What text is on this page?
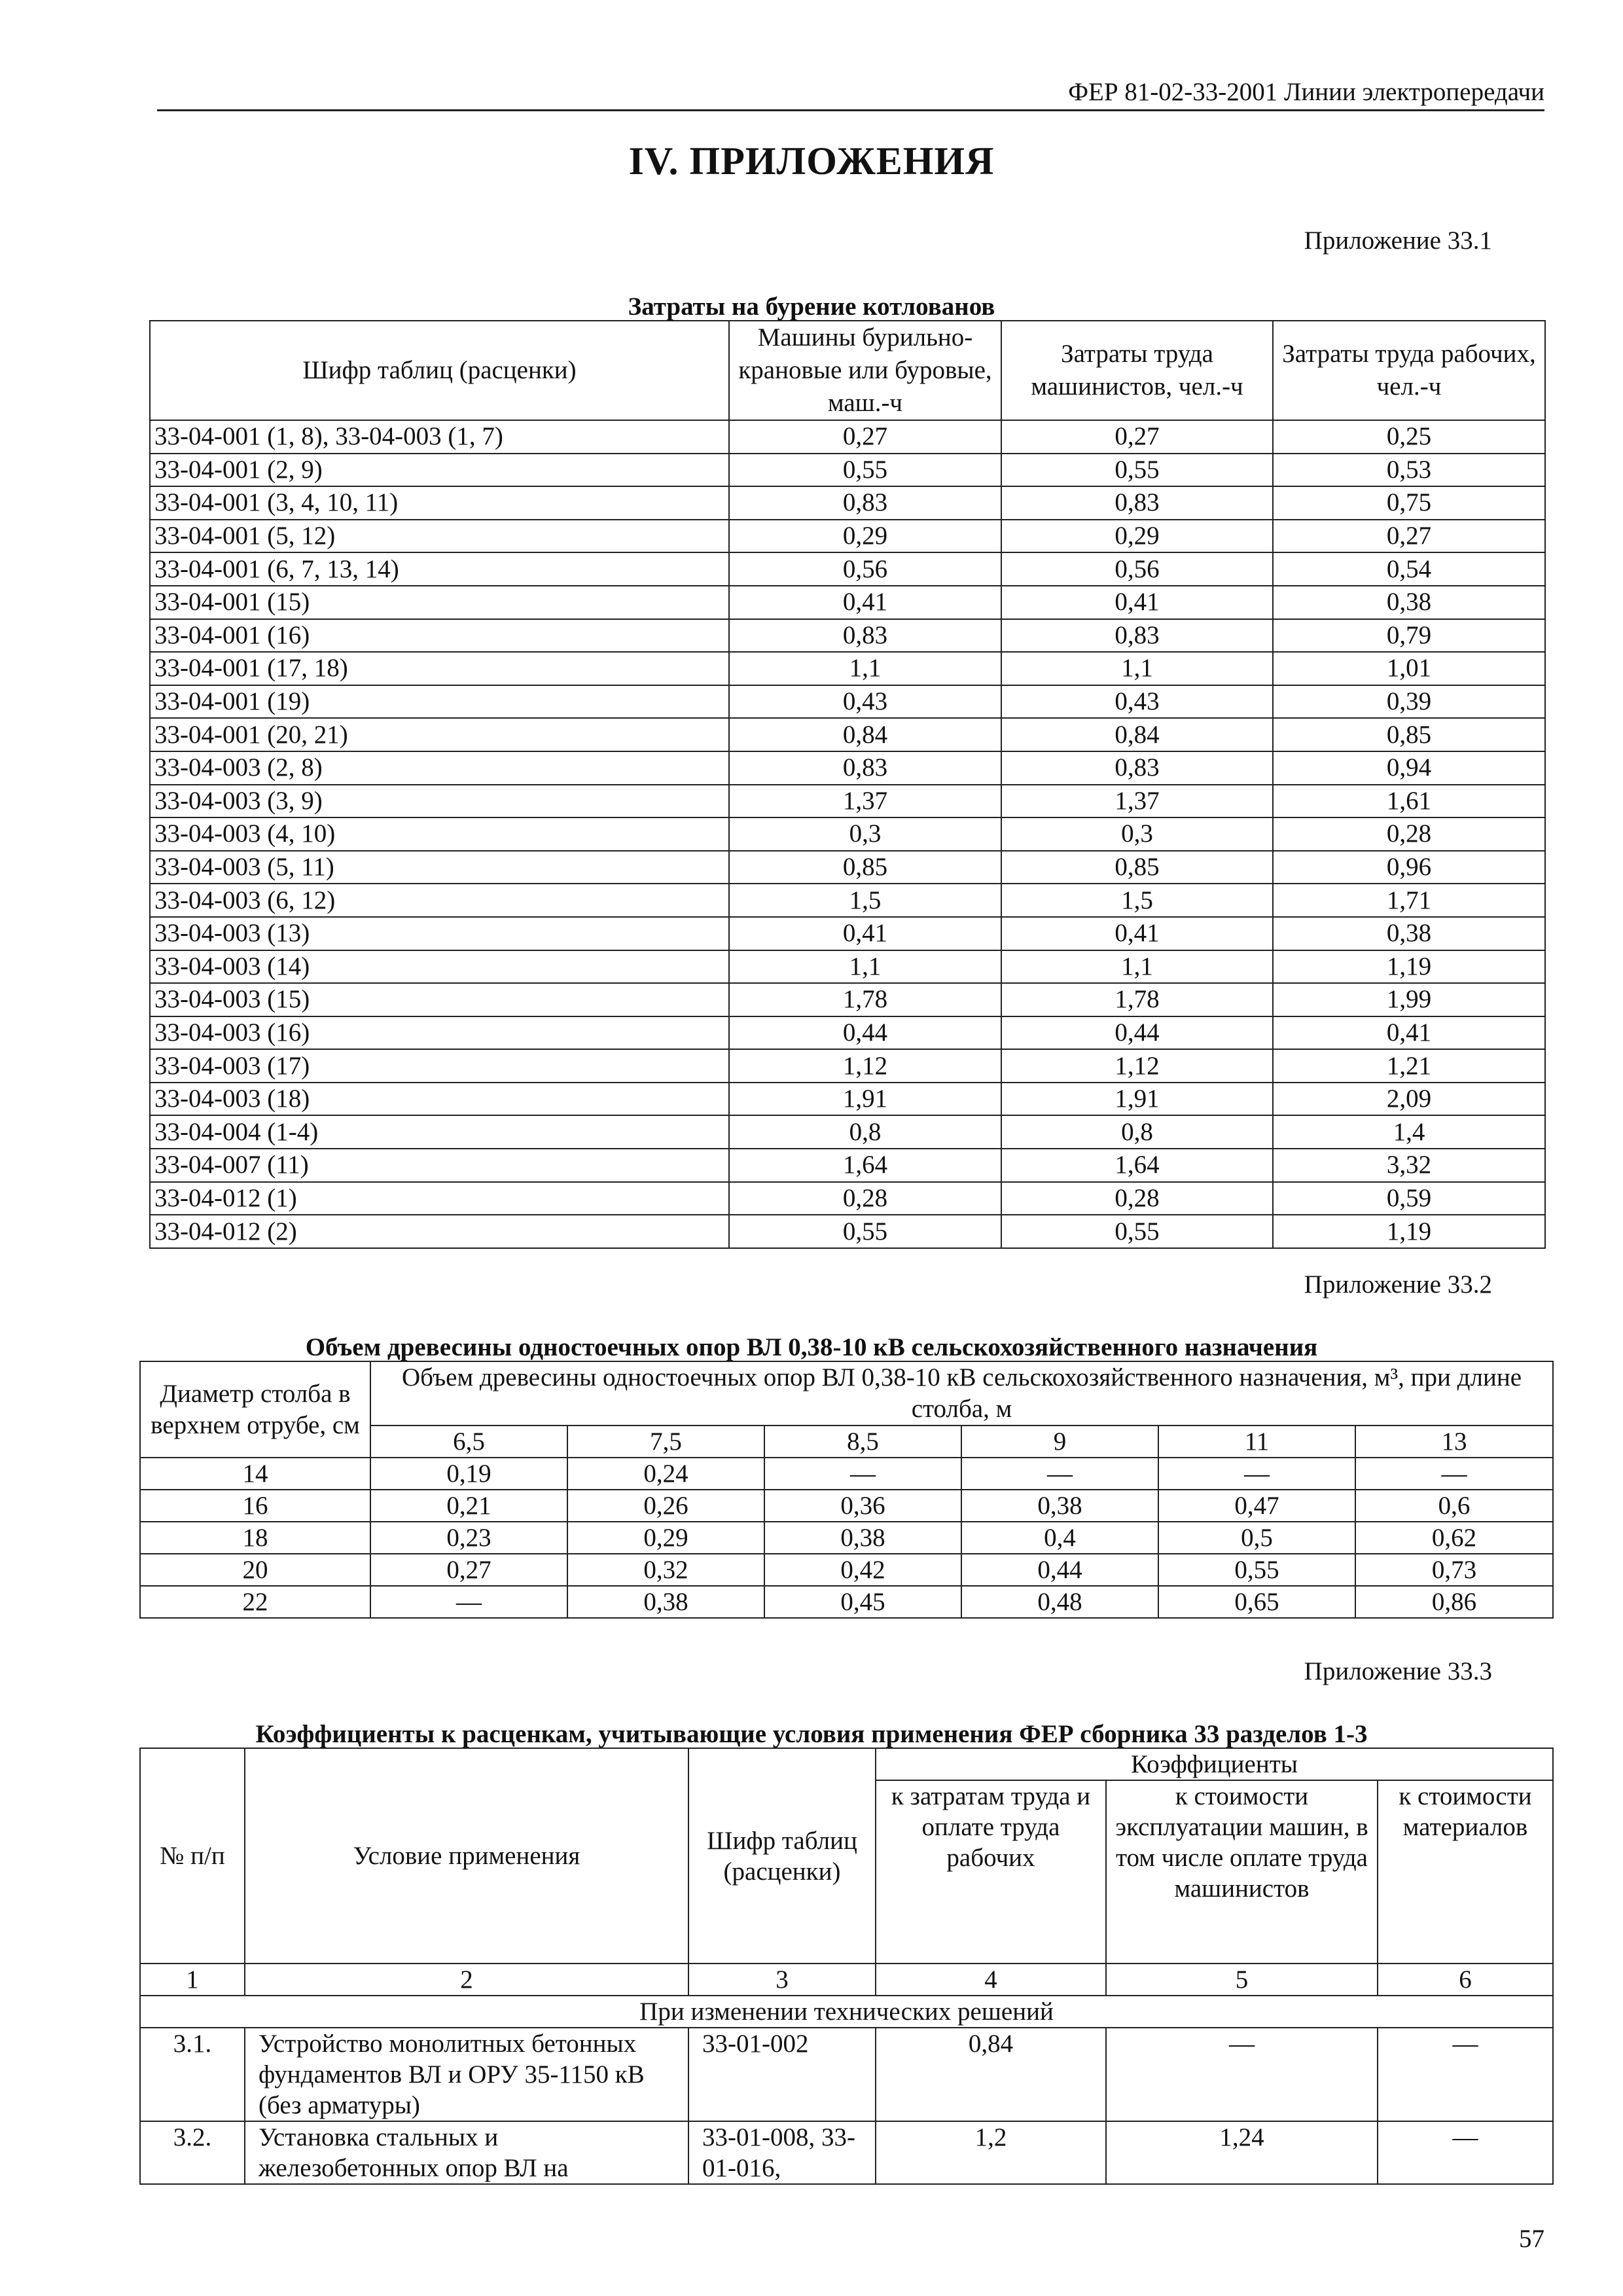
ФЕР 81-02-33-2001 Линии электропередачи
IV. ПРИЛОЖЕНИЯ
Приложение 33.1
Затраты на бурение котлованов
Шифр таблиц (расценки)	Машины бурильно-крановые или буровые, маш.-ч	Затраты труда машинистов, чел.-ч	Затраты труда рабочих, чел.-ч
33-04-001 (1, 8), 33-04-003 (1, 7)	0,27	0,27	0,25
33-04-001 (2, 9)	0,55	0,55	0,53
33-04-001 (3, 4, 10, 11)	0,83	0,83	0,75
33-04-001 (5, 12)	0,29	0,29	0,27
33-04-001 (6, 7, 13, 14)	0,56	0,56	0,54
33-04-001 (15)	0,41	0,41	0,38
33-04-001 (16)	0,83	0,83	0,79
33-04-001 (17, 18)	1,1	1,1	1,01
33-04-001 (19)	0,43	0,43	0,39
33-04-001 (20, 21)	0,84	0,84	0,85
33-04-003 (2, 8)	0,83	0,83	0,94
33-04-003 (3, 9)	1,37	1,37	1,61
33-04-003 (4, 10)	0,3	0,3	0,28
33-04-003 (5, 11)	0,85	0,85	0,96
33-04-003 (6, 12)	1,5	1,5	1,71
33-04-003 (13)	0,41	0,41	0,38
33-04-003 (14)	1,1	1,1	1,19
33-04-003 (15)	1,78	1,78	1,99
33-04-003 (16)	0,44	0,44	0,41
33-04-003 (17)	1,12	1,12	1,21
33-04-003 (18)	1,91	1,91	2,09
33-04-004 (1-4)	0,8	0,8	1,4
33-04-007 (11)	1,64	1,64	3,32
33-04-012 (1)	0,28	0,28	0,59
33-04-012 (2)	0,55	0,55	1,19
Приложение 33.2
Объем древесины одностоечных опор ВЛ 0,38-10 кВ сельскохозяйственного назначения
Диаметр столба в верхнем отрубе, см	Объем древесины одностоечных опор ВЛ 0,38-10 кВ сельскохозяйственного назначения, м³, при длине столба, м					

	6,5	7,5	8,5	9	11	13
14	0,19	0,24	—	—	—	—
16	0,21	0,26	0,36	0,38	0,47	0,6
18	0,23	0,29	0,38	0,4	0,5	0,62
20	0,27	0,32	0,42	0,44	0,55	0,73
22	—	0,38	0,45	0,48	0,65	0,86
Приложение 33.3
Коэффициенты к расценкам, учитывающие условия применения ФЕР сборника 33 разделов 1-3
№ п/п	Условие применения	Шифр таблиц (расценки)	Коэффициенты		
			к затратам труда и оплате труда рабочих	к стоимости эксплуатации машин, в том числе оплате труда машинистов	к стоимости материалов
1	2	3	4	5	6
При изменении технических решений					
3.1.	Устройство монолитных бетонных фундаментов ВЛ и ОРУ 35-1150 кВ (без арматуры)	33-01-002	0,84	—	—
3.2.	Установка стальных и железобетонных опор ВЛ на	33-01-008, 33-01-016,	1,2	1,24	—
57
